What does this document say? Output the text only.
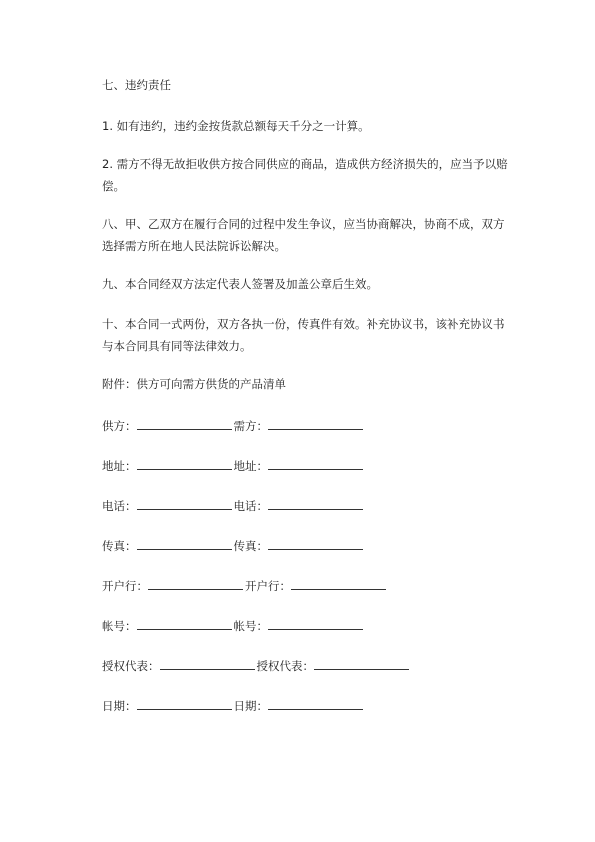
七、违约责任

1. 如有违约，违约金按货款总额每天千分之一计算。

2. 需方不得无故拒收供方按合同供应的商品，造成供方经济损失的，应当予以赔偿。

八、甲、乙双方在履行合同的过程中发生争议，应当协商解决，协商不成，双方选择需方所在地人民法院诉讼解决。

九、本合同经双方法定代表人签署及加盖公章后生效。

十、本合同一式两份，双方各执一份，传真件有效。补充协议书，该补充协议书与本合同具有同等法律效力。

附件：供方可向需方供货的产品清单

供方：	需方：
地址：	地址：
电话：	电话：
传真：	传真：
开户行：	开户行：
帐号：	帐号：
授权代表：	授权代表：
日期：	日期：
